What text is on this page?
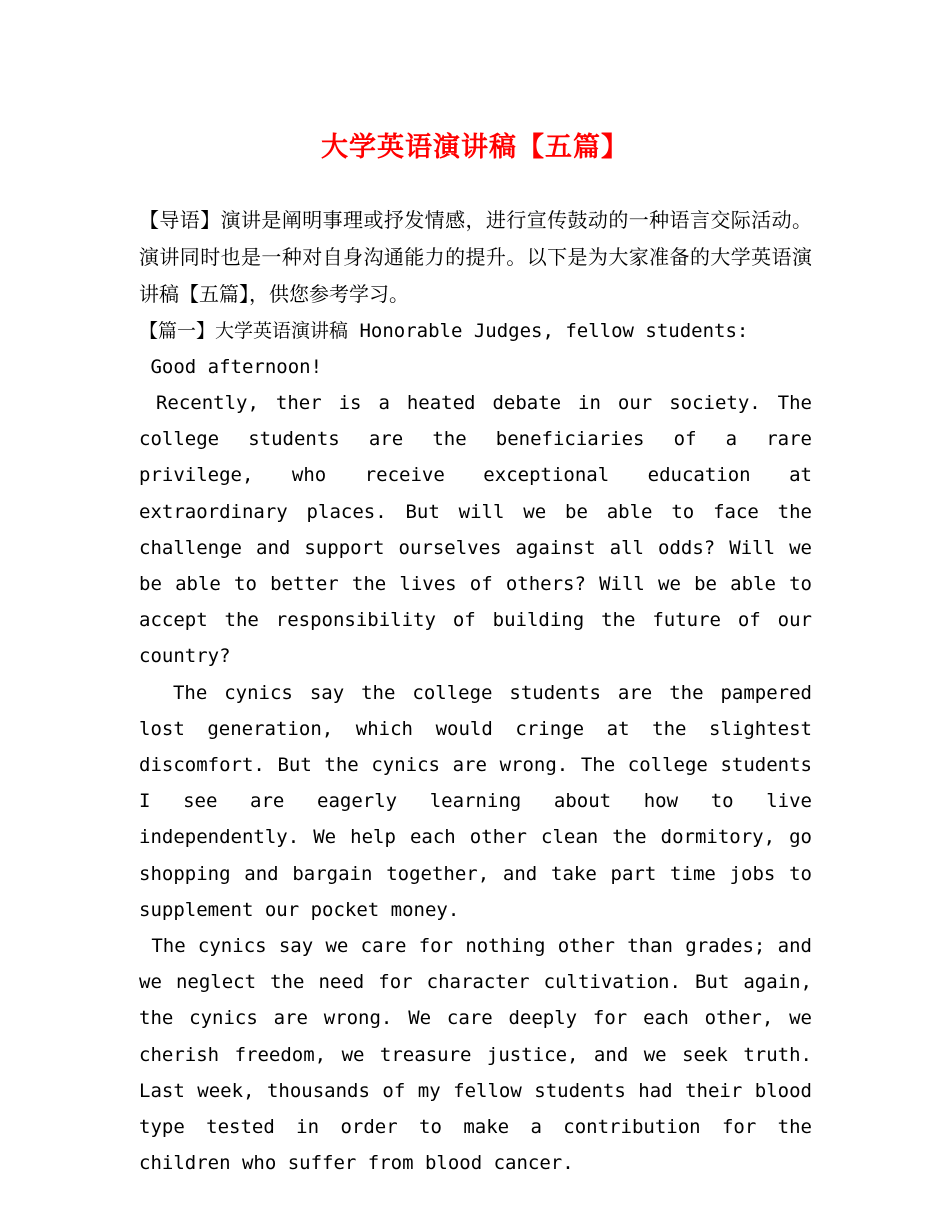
大学英语演讲稿【五篇】

【导语】演讲是阐明事理或抒发情感，进行宣传鼓动的一种语言交际活动。演讲同时也是一种对自身沟通能力的提升。以下是为大家准备的大学英语演讲稿【五篇】，供您参考学习。

【篇一】大学英语演讲稿 Honorable Judges, fellow students:

Good afternoon!

Recently, ther is a heated debate in our society. The college students are the beneficiaries of a rare privilege, who receive exceptional education at extraordinary places. But will we be able to face the challenge and support ourselves against all odds? Will we be able to better the lives of others? Will we be able to accept the responsibility of building the future of our country?

The cynics say the college students are the pampered lost generation, which would cringe at the slightest discomfort. But the cynics are wrong. The college students I see are eagerly learning about how to live independently. We help each other clean the dormitory, go shopping and bargain together, and take part time jobs to supplement our pocket money.

The cynics say we care for nothing other than grades; and we neglect the need for character cultivation. But again, the cynics are wrong. We care deeply for each other, we cherish freedom, we treasure justice, and we seek truth. Last week, thousands of my fellow students had their blood type tested in order to make a contribution for the children who suffer from blood cancer.
